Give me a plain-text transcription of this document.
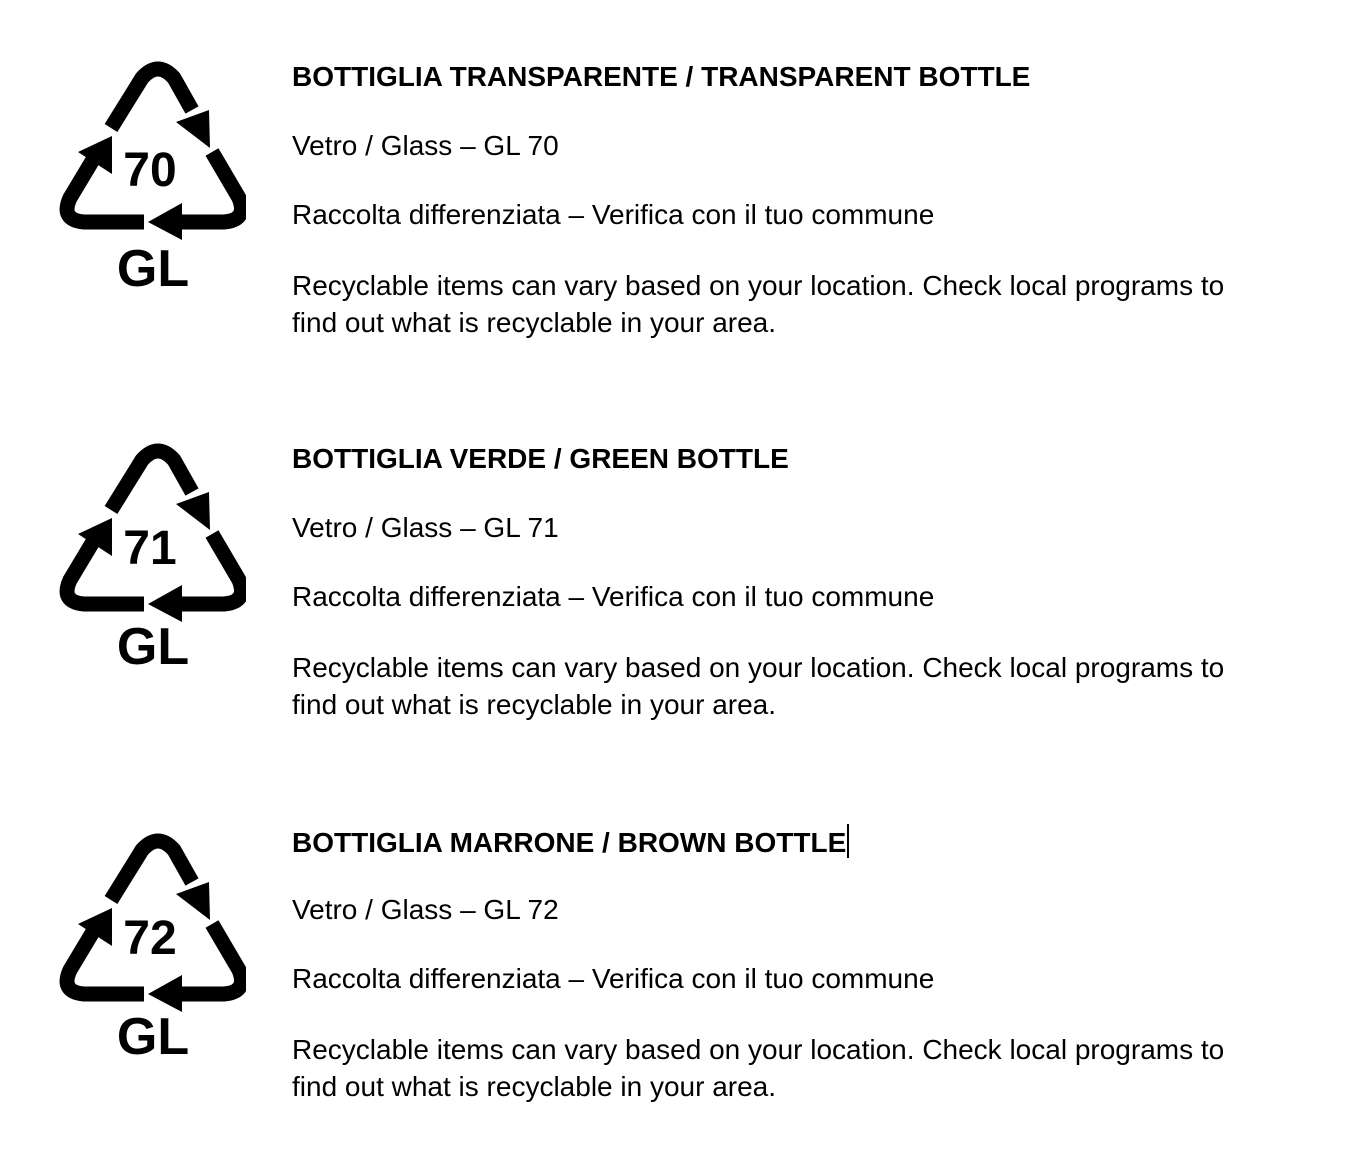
70
GL
BOTTIGLIA TRANSPARENTE / TRANSPARENT BOTTLE
Vetro / Glass – GL 70
Raccolta differenziata – Verifica con il tuo commune
Recyclable items can vary based on your location. Check local programs to find out what is recyclable in your area.
71
GL
BOTTIGLIA VERDE / GREEN BOTTLE
Vetro / Glass – GL 71
Raccolta differenziata – Verifica con il tuo commune
Recyclable items can vary based on your location. Check local programs to find out what is recyclable in your area.
72
GL
BOTTIGLIA MARRONE / BROWN BOTTLE
Vetro / Glass – GL 72
Raccolta differenziata – Verifica con il tuo commune
Recyclable items can vary based on your location. Check local programs to find out what is recyclable in your area.
